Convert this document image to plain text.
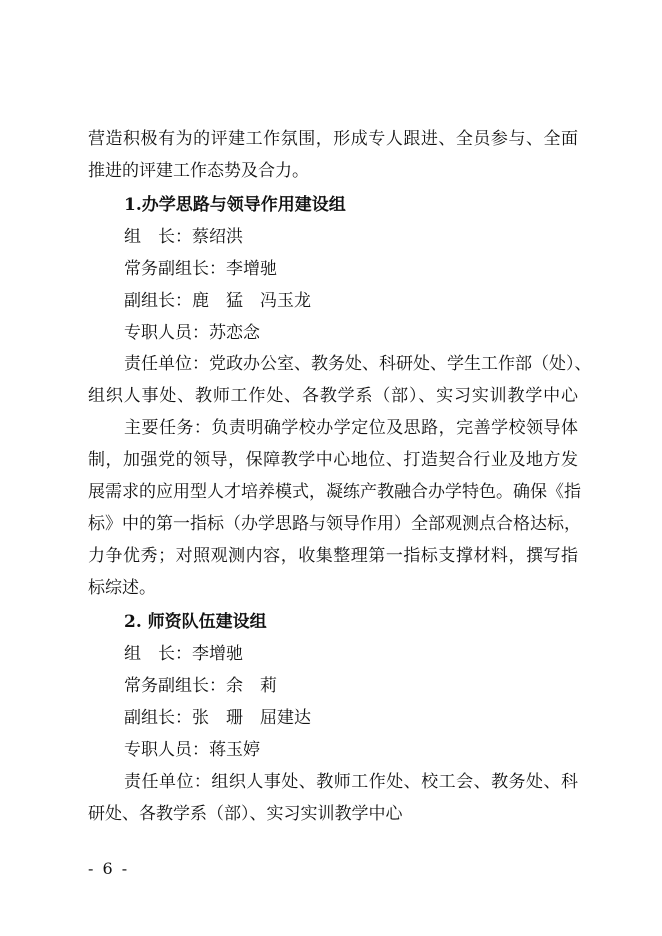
营造积极有为的评建工作氛围，形成专人跟进、全员参与、全面
推进的评建工作态势及合力。
1.办学思路与领导作用建设组
组　长：蔡绍洪
常务副组长：李增驰
副组长：鹿　猛　冯玉龙
专职人员：苏恋念
责任单位：党政办公室、教务处、科研处、学生工作部（处）、
组织人事处、教师工作处、各教学系（部）、实习实训教学中心
主要任务：负责明确学校办学定位及思路，完善学校领导体
制，加强党的领导，保障教学中心地位、打造契合行业及地方发
展需求的应用型人才培养模式，凝练产教融合办学特色。确保《指
标》中的第一指标（办学思路与领导作用）全部观测点合格达标，
力争优秀；对照观测内容，收集整理第一指标支撑材料，撰写指
标综述。
2. 师资队伍建设组
组　长：李增驰
常务副组长：余　莉
副组长：张　珊　屈建达
专职人员：蒋玉婷
责任单位：组织人事处、教师工作处、校工会、教务处、科
研处、各教学系（部）、实习实训教学中心
- 6 -
